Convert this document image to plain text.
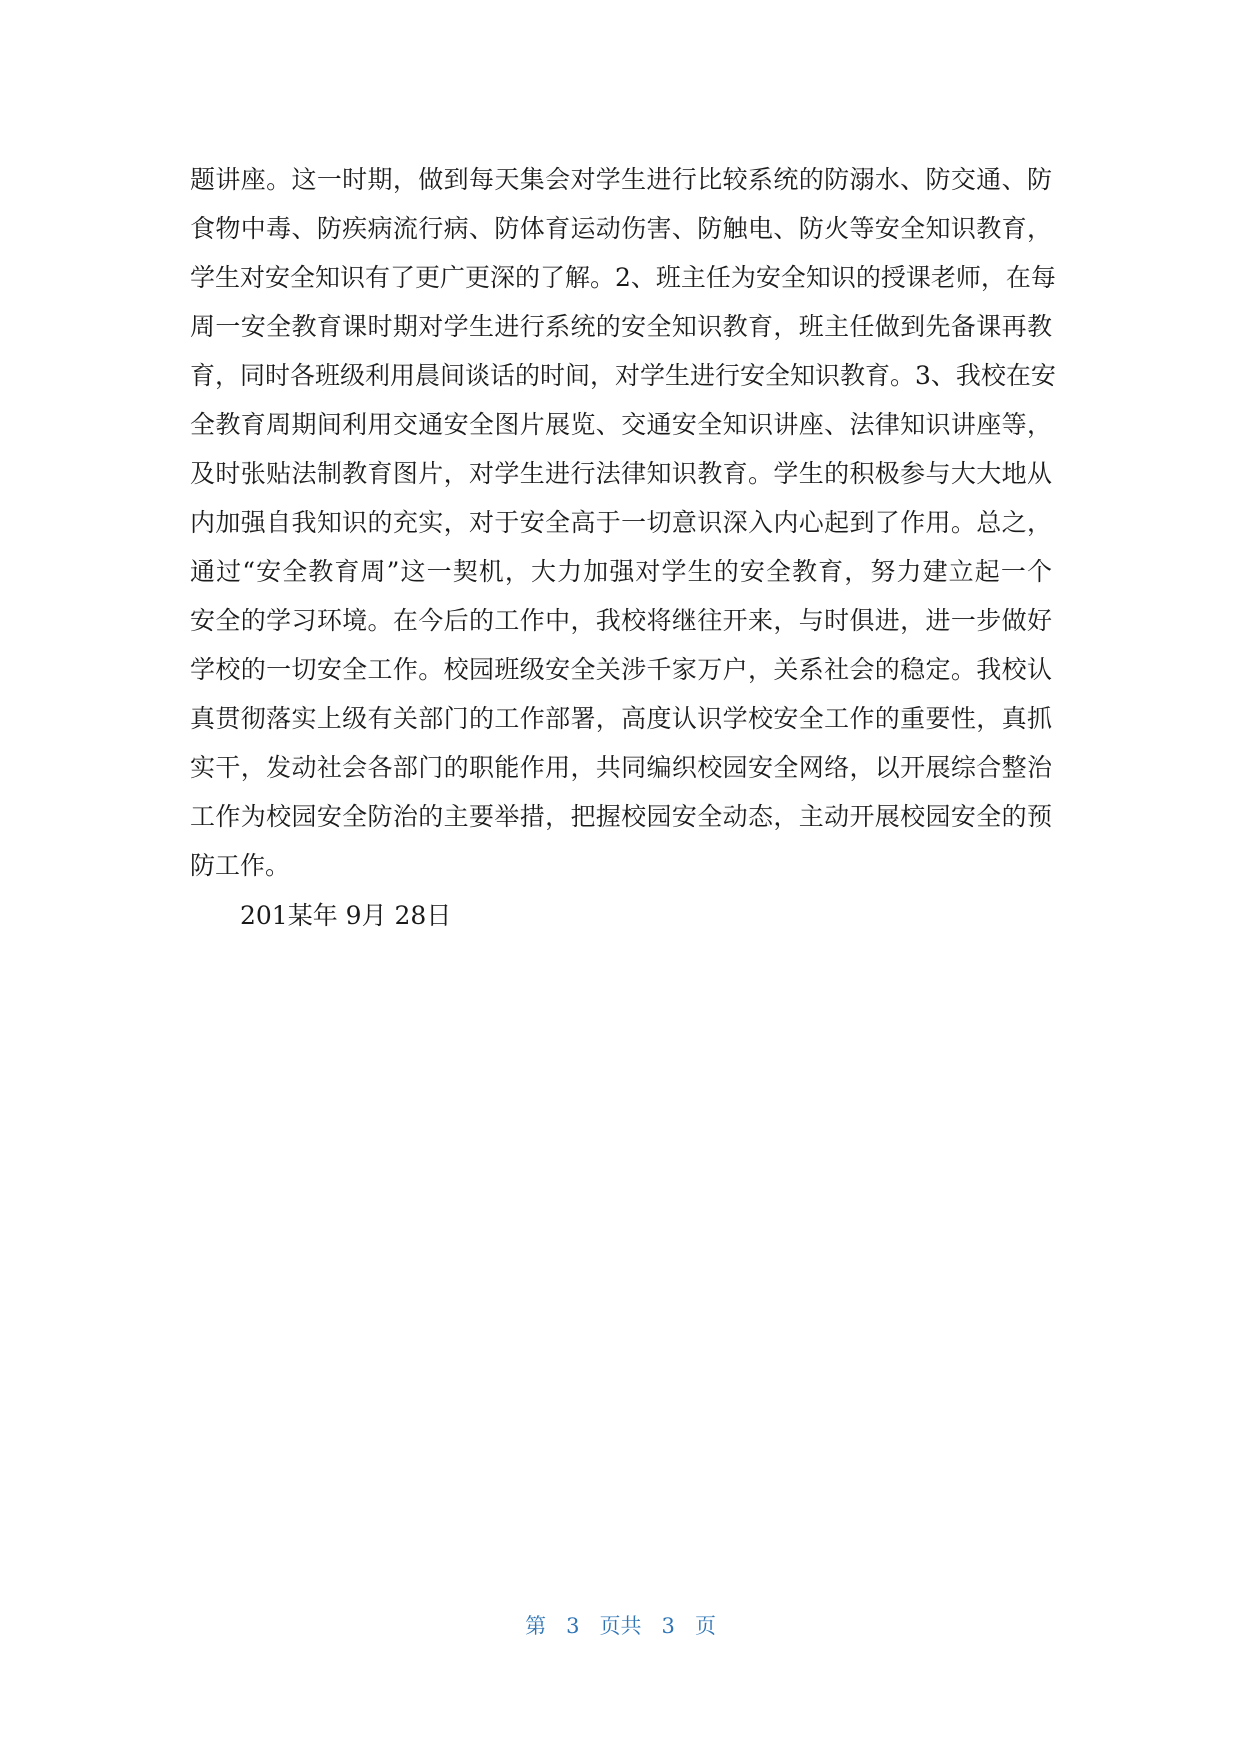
题讲座。这一时期，做到每天集会对学生进行比较系统的防溺水、防交通、防
食物中毒、防疾病流行病、防体育运动伤害、防触电、防火等安全知识教育，
学生对安全知识有了更广更深的了解。2、班主任为安全知识的授课老师，在每
周一安全教育课时期对学生进行系统的安全知识教育，班主任做到先备课再教
育，同时各班级利用晨间谈话的时间，对学生进行安全知识教育。3、我校在安
全教育周期间利用交通安全图片展览、交通安全知识讲座、法律知识讲座等，
及时张贴法制教育图片，对学生进行法律知识教育。学生的积极参与大大地从
内加强自我知识的充实，对于安全高于一切意识深入内心起到了作用。总之，
通过“安全教育周”这一契机，大力加强对学生的安全教育，努力建立起一个
安全的学习环境。在今后的工作中，我校将继往开来，与时俱进，进一步做好
学校的一切安全工作。校园班级安全关涉千家万户，关系社会的稳定。我校认
真贯彻落实上级有关部门的工作部署，高度认识学校安全工作的重要性，真抓
实干，发动社会各部门的职能作用，共同编织校园安全网络，以开展综合整治
工作为校园安全防治的主要举措，把握校园安全动态，主动开展校园安全的预
防工作。
201某年 9月 28日
第 3 页共 3 页
